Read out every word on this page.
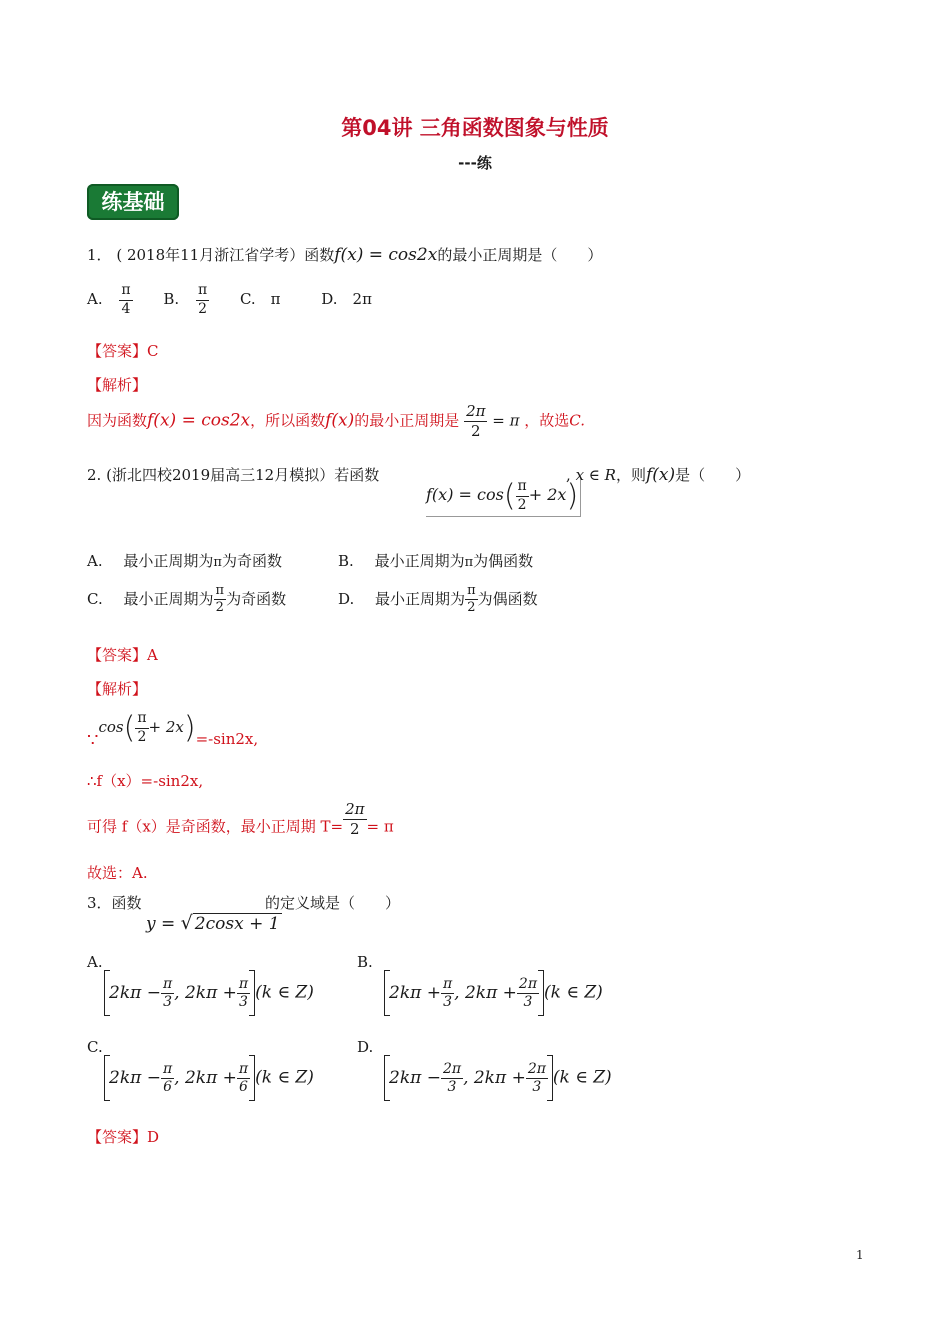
第04讲 三角函数图象与性质
---练
练基础
1． ( 2018年11月浙江省学考）函数f(x) = cos2x的最小正周期是（　　）
A. $\frac{\pi}{4} B$. $\frac{\pi}{2} C$.　π	D.　2π
【答案】C
【解析】
因为函数f(x) = cos2x，所以函数f(x)的最小正周期是 $\frac{2\pi}{2} = \pi$ ，故选C.
2. (浙北四校2019届高三12月模拟）若函数
$f(x) = \cos( \frac{\pi}{2} + 2x)$
, x ∈ R，则f(x)是（　　）
A. 最小正周期为π为奇函数	B. 最小正周期为π为偶函数
C. 最小正周期为 $\frac{\pi}{2}$ 为奇函数	D. 最小正周期为 $\frac{\pi}{2}$ 为偶函数
【答案】A
【解析】
∵cos( $\frac{\pi}{2} + 2x)=-\sin 2x$,
∴f（x）=-sin2x,
可得 f（x）是奇函数，最小正周期 $T= \frac{2\pi}{2} = \pi$
故选：A.
3．函数
y = √ 2cosx + 1
的定义域是（　　）
A.
$2k\pi - \frac{\pi}{3}$ , $2k\pi + \frac{\pi}{3} (k$ ∈ Z)
B.
$2k\pi + \frac{\pi}{3}$ , $2k\pi + \frac{2\pi}{3} (k$ ∈ Z)
C.
$2k\pi - \frac{\pi}{6}$ , $2k\pi + \frac{\pi}{6} (k$ ∈ Z)
D.
$2k\pi - \frac{2\pi}{3}$ , $2k\pi + \frac{2\pi}{3} (k$ ∈ Z)
【答案】D
1
